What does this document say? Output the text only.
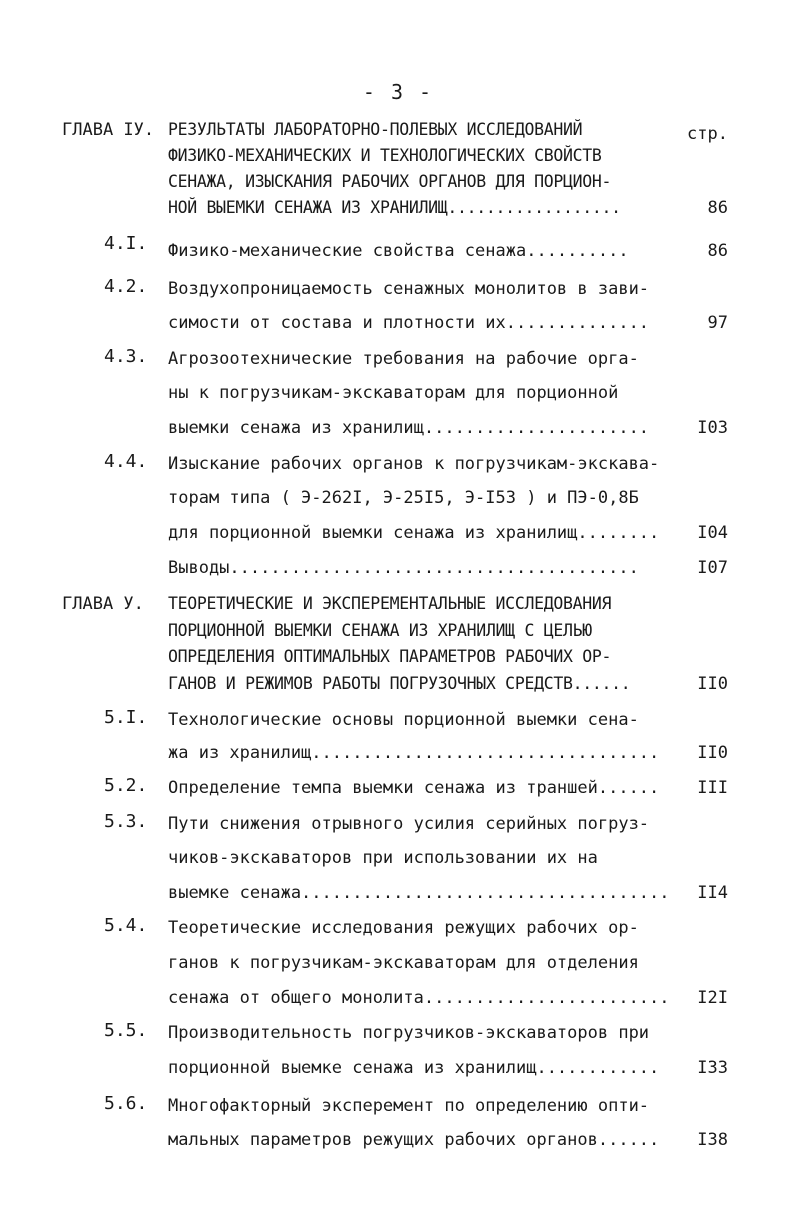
- 3 -
ГЛАВА IУ.	стр.
РЕЗУЛЬТАТЫ ЛАБОРАТОРНО-ПОЛЕВЫХ ИССЛЕДОВАНИЙ
ФИЗИКО-МЕХАНИЧЕСКИХ И ТЕХНОЛОГИЧЕСКИХ СВОЙСТВ
СЕНАЖА, ИЗЫСКАНИЯ РАБОЧИХ ОРГАНОВ ДЛЯ ПОРЦИОН-
НОЙ ВЫЕМКИ СЕНАЖА ИЗ ХРАНИЛИЩ..................	86
4.I. Физико-механические свойства сенажа..........	86
4.2. Воздухопроницаемость сенажных монолитов в зави-
симости от состава и плотности их..............	97
4.3. Агрозоотехнические требования на рабочие орга-
ны к погрузчикам-экскаваторам для порционной
выемки сенажа из хранилищ......................	I03
4.4. Изыскание рабочих органов к погрузчикам-экскава-
торам типа ( Э-262I, Э-25I5, Э-I53 ) и ПЭ-0,8Б
для порционной выемки сенажа из хранилищ........ I04
Выводы........................................	I07
ГЛАВА У. ТЕОРЕТИЧЕСКИЕ И ЭКСПЕРЕМЕНТАЛЬНЫЕ ИССЛЕДОВАНИЯ
ПОРЦИОННОЙ ВЫЕМКИ СЕНАЖА ИЗ ХРАНИЛИЩ С ЦЕЛЬЮ
ОПРЕДЕЛЕНИЯ ОПТИМАЛЬНЫХ ПАРАМЕТРОВ РАБОЧИХ ОР-
ГАНОВ И РЕЖИМОВ РАБОТЫ ПОГРУЗОЧНЫХ СРЕДСТВ......	II0
5.I. Технологические основы порционной выемки сена-
жа из хранилищ.................................. II0
5.2. Определение темпа выемки сенажа из траншей...... III
5.3. Пути снижения отрывного усилия серийных погруз-
чиков-экскаваторов при использовании их на
выемке сенажа.................................... II4
5.4. Теоретические исследования режущих рабочих ор-
ганов к погрузчикам-экскаваторам для отделения
сенажа от общего монолита........................ I2I
5.5. Производительность погрузчиков-экскаваторов при
порционной выемке сенажа из хранилищ............ I33
5.6. Многофакторный эксперемент по определению опти-
мальных параметров режущих рабочих органов...... I38
